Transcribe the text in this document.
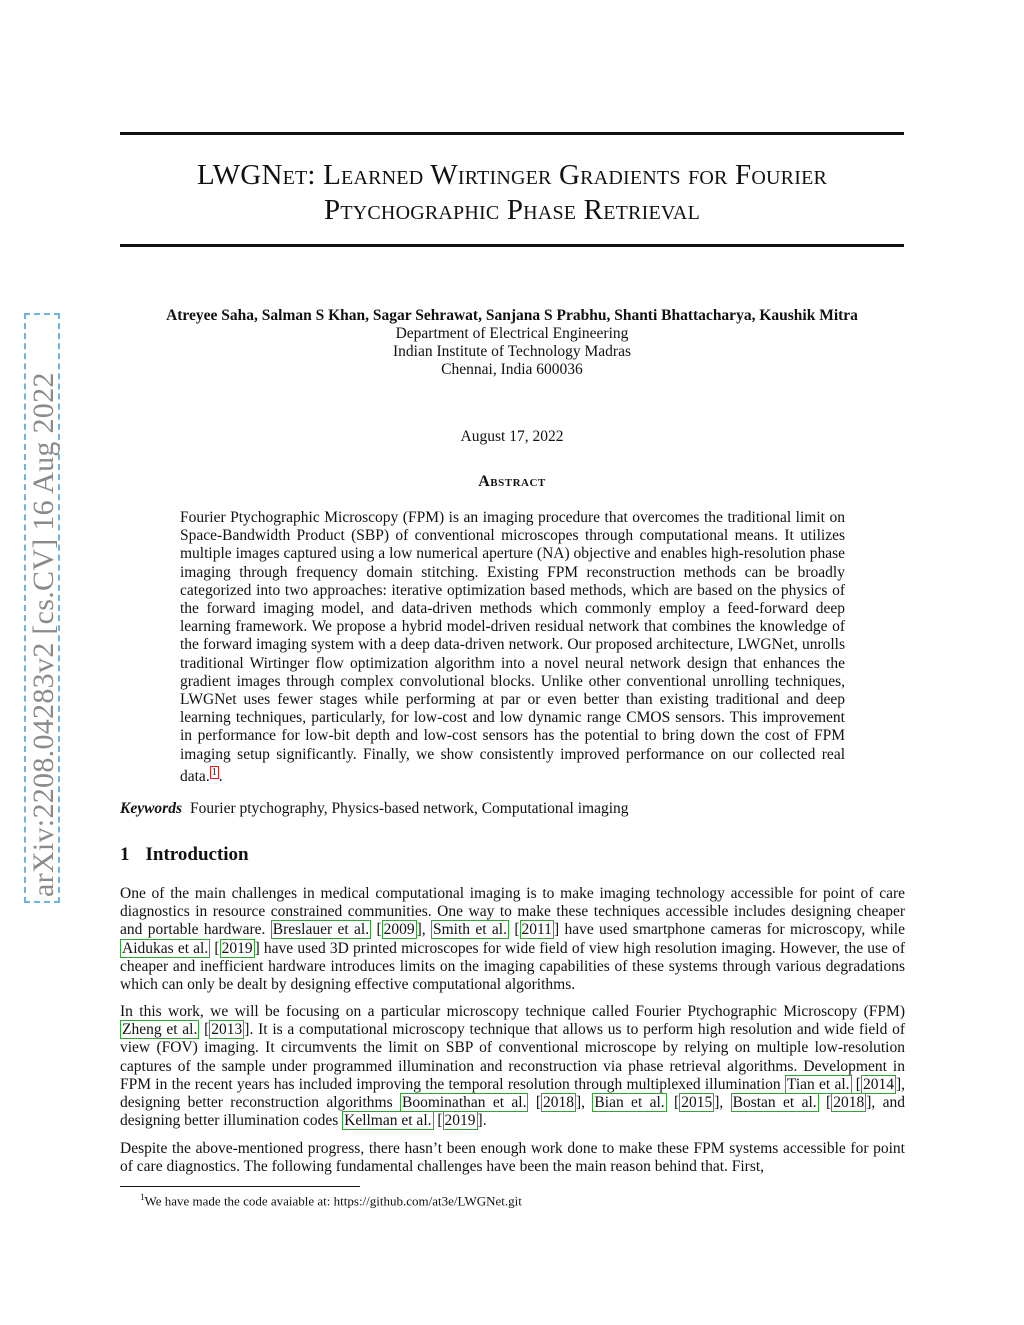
arXiv:2208.04283v2 [cs.CV] 16 Aug 2022
LWGNet: Learned Wirtinger Gradients for Fourier
Ptychographic Phase Retrieval
Atreyee Saha, Salman S Khan, Sagar Sehrawat, Sanjana S Prabhu, Shanti Bhattacharya, Kaushik Mitra
Department of Electrical Engineering
Indian Institute of Technology Madras
Chennai, India 600036
August 17, 2022
Abstract

Fourier Ptychographic Microscopy (FPM) is an imaging procedure that overcomes the traditional limit on Space-Bandwidth Product (SBP) of conventional microscopes through computational means. It utilizes multiple images captured using a low numerical aperture (NA) objective and enables high-resolution phase imaging through frequency domain stitching. Existing FPM reconstruction methods can be broadly categorized into two approaches: iterative optimization based methods, which are based on the physics of the forward imaging model, and data-driven methods which commonly employ a feed-forward deep learning framework. We propose a hybrid model-driven residual network that combines the knowledge of the forward imaging system with a deep data-driven network. Our proposed architecture, LWGNet, unrolls traditional Wirtinger flow optimization algorithm into a novel neural network design that enhances the gradient images through complex convolutional blocks. Unlike other conventional unrolling techniques, LWGNet uses fewer stages while performing at par or even better than existing traditional and deep learning techniques, particularly, for low-cost and low dynamic range CMOS sensors. This improvement in performance for low-bit depth and low-cost sensors has the potential to bring down the cost of FPM imaging setup significantly. Finally, we show consistently improved performance on our collected real data. $^1$ .

Keywords Fourier ptychography, Physics-based network, Computational imaging
1 Introduction

One of the main challenges in medical computational imaging is to make imaging technology accessible for point of care diagnostics in resource constrained communities. One way to make these techniques accessible includes designing cheaper and portable hardware. Breslauer et al. [ 2009 ], Smith et al. [ 2011 ] have used smartphone cameras for microscopy, while Aidukas et al. [ 2019 ] have used 3D printed microscopes for wide field of view high resolution imaging. However, the use of cheaper and inefficient hardware introduces limits on the imaging capabilities of these systems through various degradations which can only be dealt by designing effective computational algorithms.

In this work, we will be focusing on a particular microscopy technique called Fourier Ptychographic Microscopy (FPM) Zheng et al. [ 2013 ]. It is a computational microscopy technique that allows us to perform high resolution and wide field of view (FOV) imaging. It circumvents the limit on SBP of conventional microscope by relying on multiple low-resolution captures of the sample under programmed illumination and reconstruction via phase retrieval algorithms. Development in FPM in the recent years has included improving the temporal resolution through multiplexed illumination Tian et al. [ 2014 ], designing better reconstruction algorithms Boominathan et al. [ 2018 ], Bian et al. [ 2015 ], Bostan et al. [ 2018 ], and designing better illumination codes Kellman et al. [ 2019 ].

Despite the above-mentioned progress, there hasn’t been enough work done to make these FPM systems accessible for point of care diagnostics. The following fundamental challenges have been the main reason behind that. First,

$^1$We have made the code avaiable at: https://github.com/at3e/LWGNet.git
